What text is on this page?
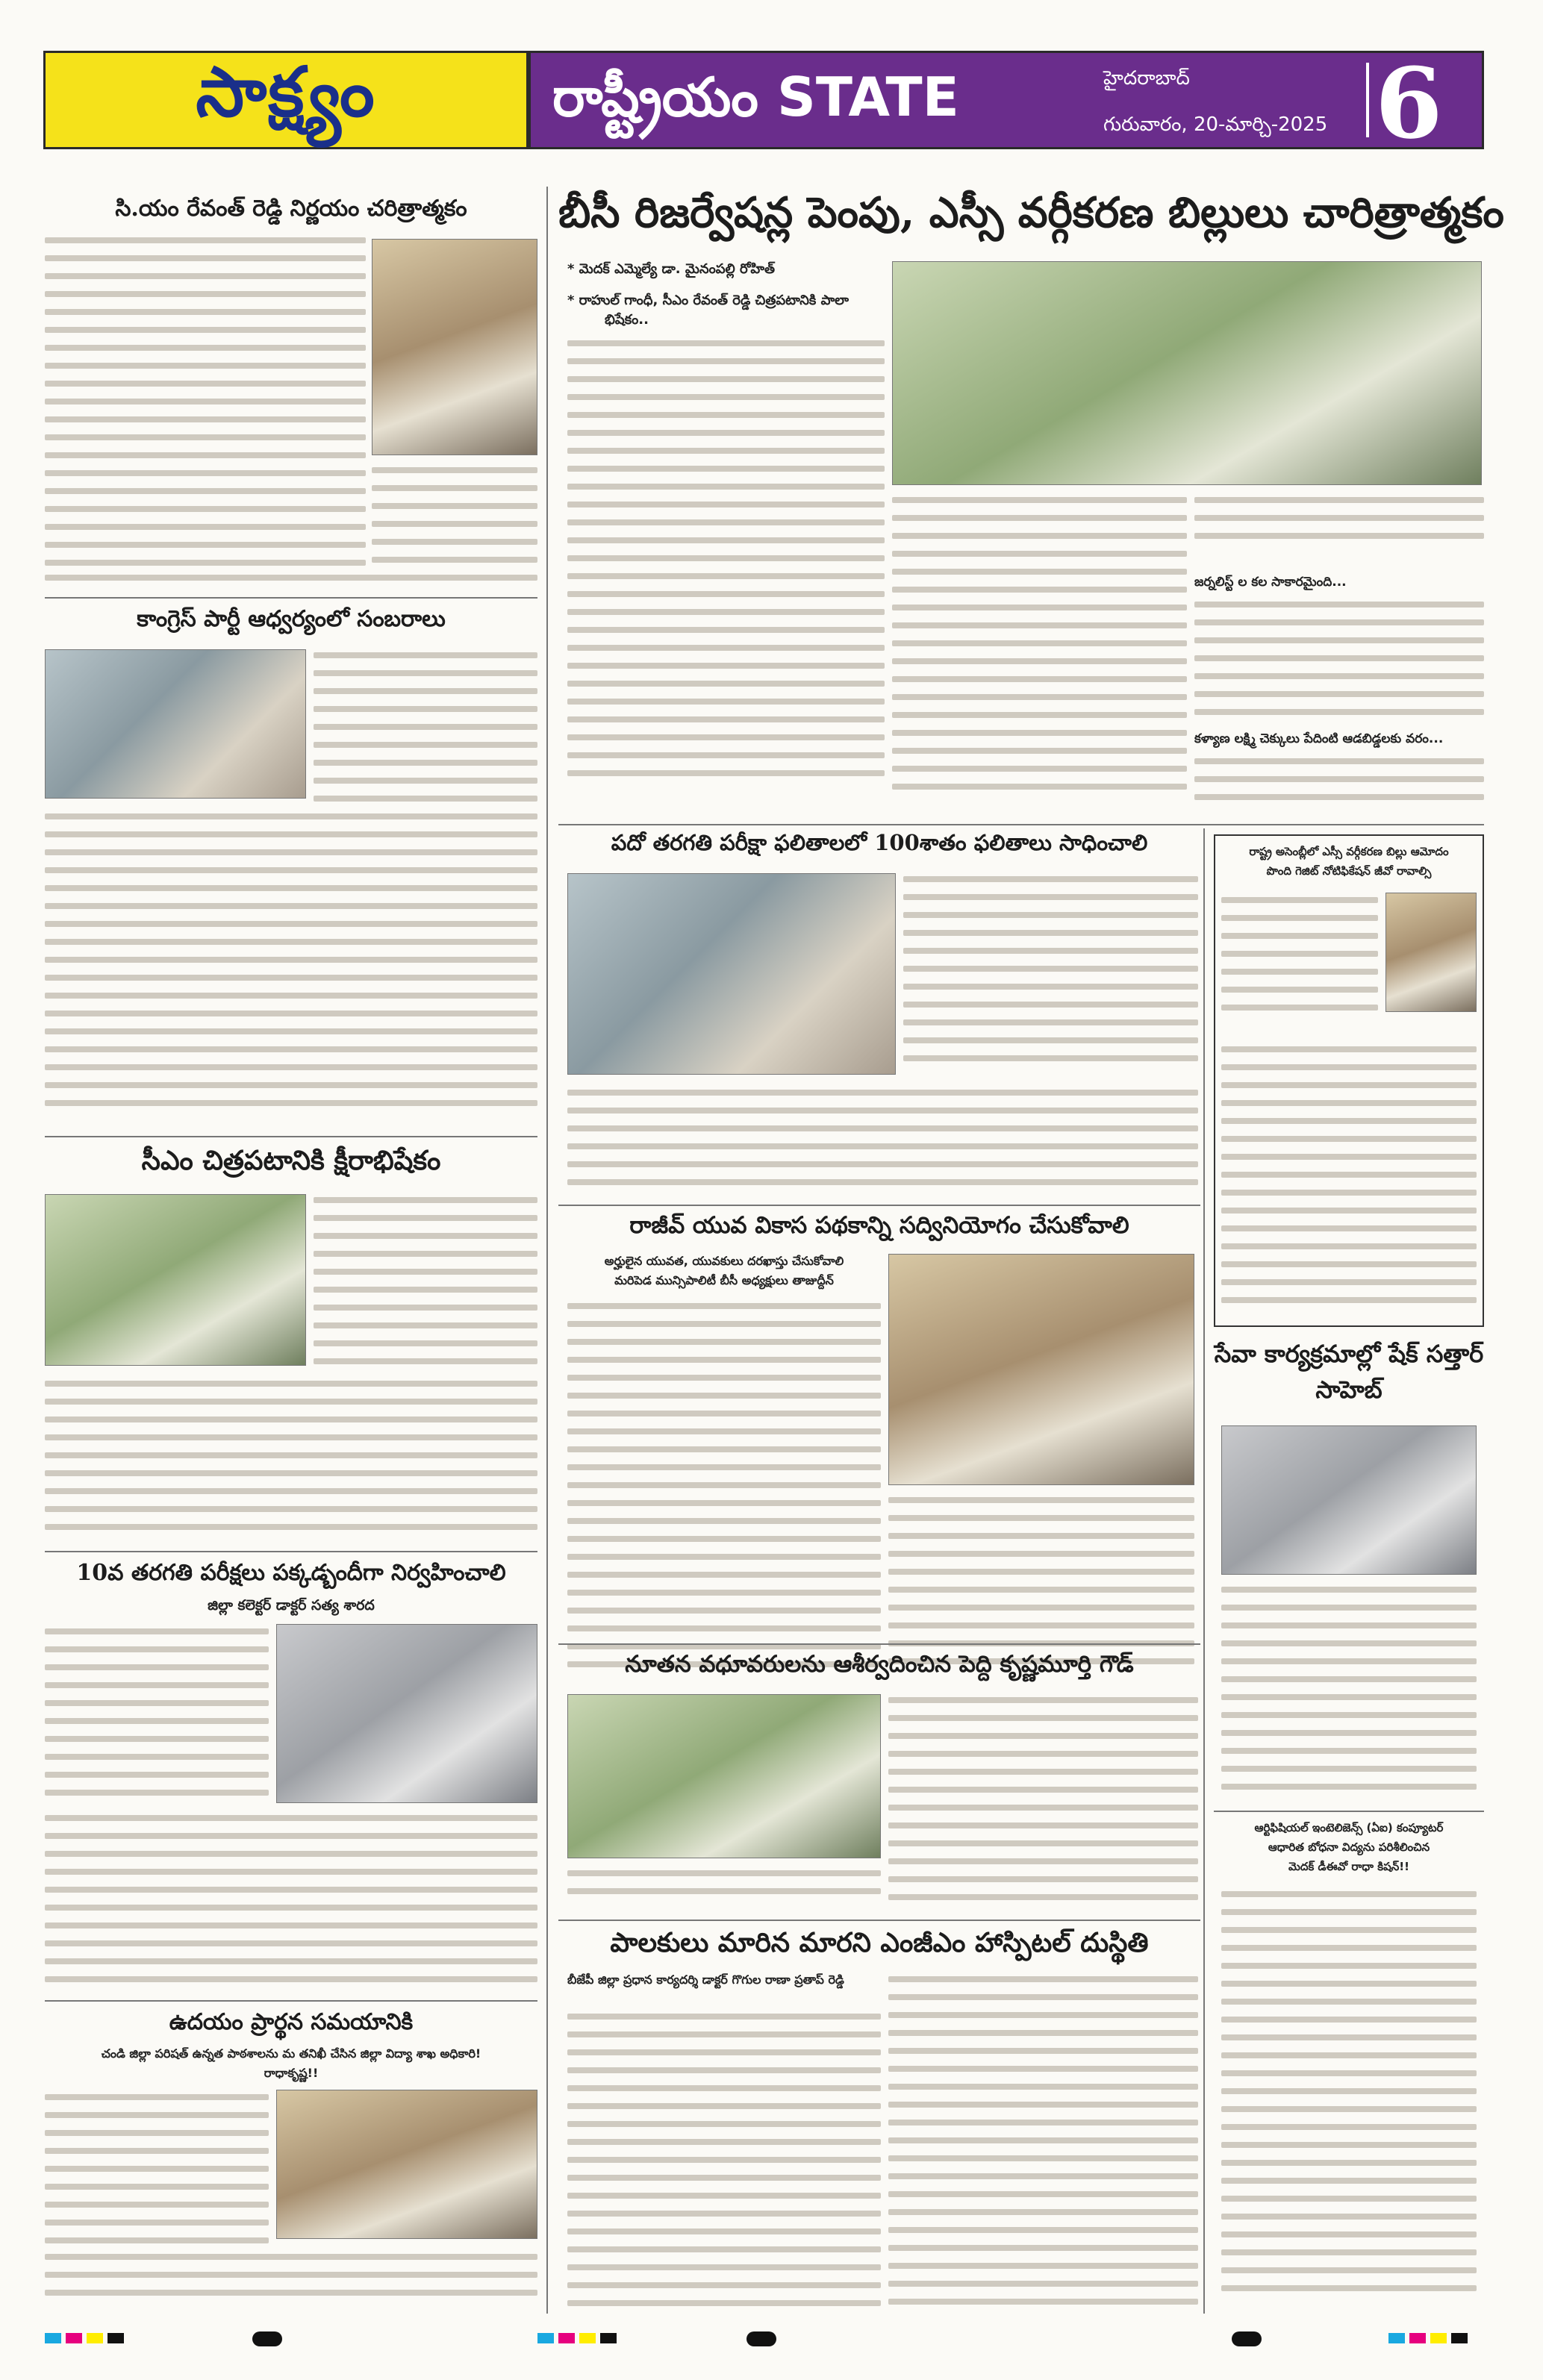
సాక్ష్యం	రాష్ట్రీయం STATE	హైదరాబాద్
గురువారం, 20-మార్చి-2025 6
సి.యం రేవంత్ రెడ్డి నిర్ణయం చరిత్రాత్మకం
కాంగ్రెస్ పార్టీ ఆధ్వర్యంలో సంబరాలు
సీఎం చిత్రపటానికి క్షీరాభిషేకం
10వ తరగతి పరీక్షలు పక్కడ్బందీగా నిర్వహించాలి
జిల్లా కలెక్టర్ డాక్టర్ సత్య శారద
ఉదయం ప్రార్థన సమయానికి
చండి జిల్లా పరిషత్ ఉన్నత పాఠశాలను మ తనిఖీ చేసిన జిల్లా విద్యా శాఖ అధికారి!
రాధాకృష్ణ!!
బీసీ రిజర్వేషన్ల పెంపు, ఎస్సీ వర్గీకరణ బిల్లులు చారిత్రాత్మకం
* మెదక్ ఎమ్మెల్యే డా. మైనంపల్లి రోహిత్
* రాహుల్ గాంధీ, సీఎం రేవంత్ రెడ్డి చిత్రపటానికి పాలా
భిషేకం..
జర్నలిస్ట్ ల కల సాకారమైంది...
కళ్యాణ లక్ష్మి చెక్కులు పేదింటి ఆడబిడ్డలకు వరం...
పదో తరగతి పరీక్షా ఫలితాలలో 100శాతం ఫలితాలు సాధించాలి
రాజీవ్ యువ వికాస పథకాన్ని సద్వినియోగం చేసుకోవాలి
అర్హులైన యువత, యువకులు దరఖాస్తు చేసుకోవాలి
మరిపెడ మున్సిపాలిటీ బీసీ అధ్యక్షులు తాజుద్దీన్
నూతన వధూవరులను ఆశీర్వదించిన పెద్ది కృష్ణమూర్తి గౌడ్
పాలకులు మారిన మారని ఎంజీఎం హాస్పిటల్ దుస్థితి
బీజేపీ జిల్లా ప్రధాన కార్యదర్శి డాక్టర్ గొగుల రాణా ప్రతాప్ రెడ్డి
రాష్ట్ర అసెంబ్లీలో ఎస్సీ వర్గీకరణ బిల్లు ఆమోదం
పొంది గెజిట్ నోటిఫికేషన్ జీవో రావాల్సి
సేవా కార్యక్రమాల్లో షేక్ సత్తార్ సాహెబ్
ఆర్టిఫిషియల్ ఇంటెలిజెన్స్ (ఏఐ) కంప్యూటర్
ఆధారిత బోధనా విద్యను పరిశీలించిన
మెదక్ డీఈవో రాధా కిషన్!!
